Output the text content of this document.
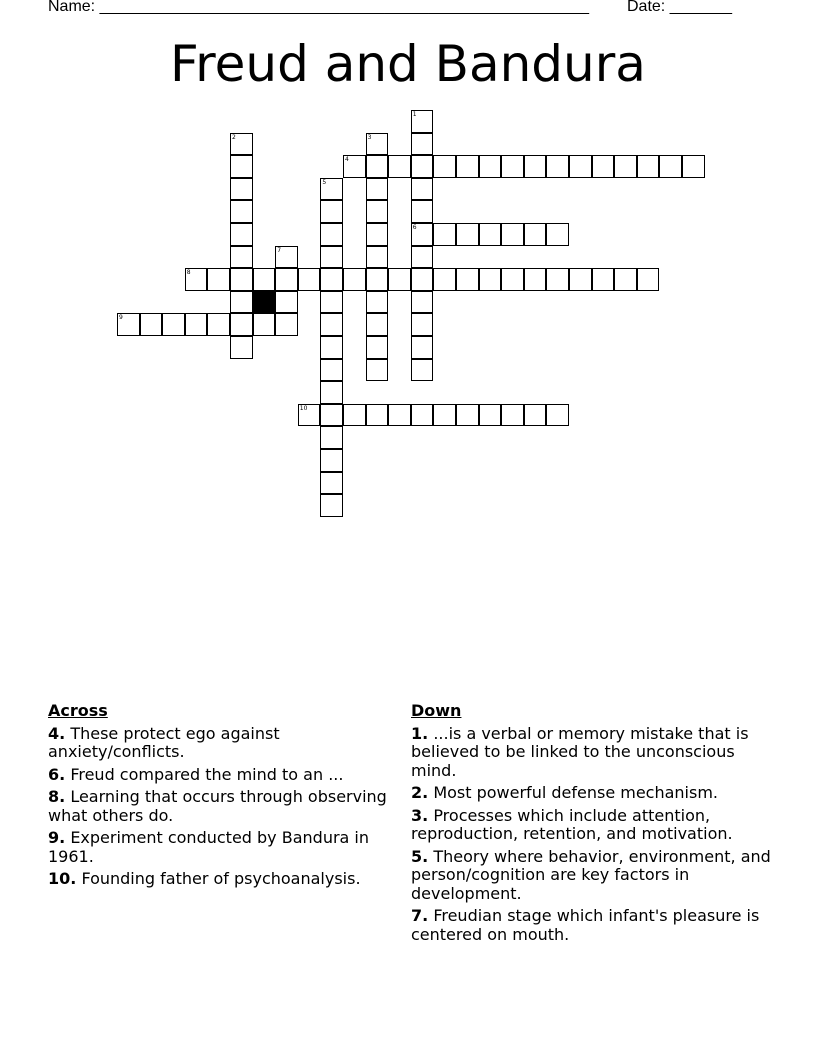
Name: _______________________________________________________ Date: _______
Freud and Bandura
1
6
2	3
4
5
7
8
9
10
Across
4. These protect ego against anxiety/conflicts.
6. Freud compared the mind to an ...
8. Learning that occurs through observing what others do.
9. Experiment conducted by Bandura in 1961.
10. Founding father of psychoanalysis.
Down
1. ...is a verbal or memory mistake that is believed to be linked to the unconscious mind.
2. Most powerful defense mechanism.
3. Processes which include attention, reproduction, retention, and motivation.
5. Theory where behavior, environment, and person/cognition are key factors in development.
7. Freudian stage which infant's pleasure is centered on mouth.
